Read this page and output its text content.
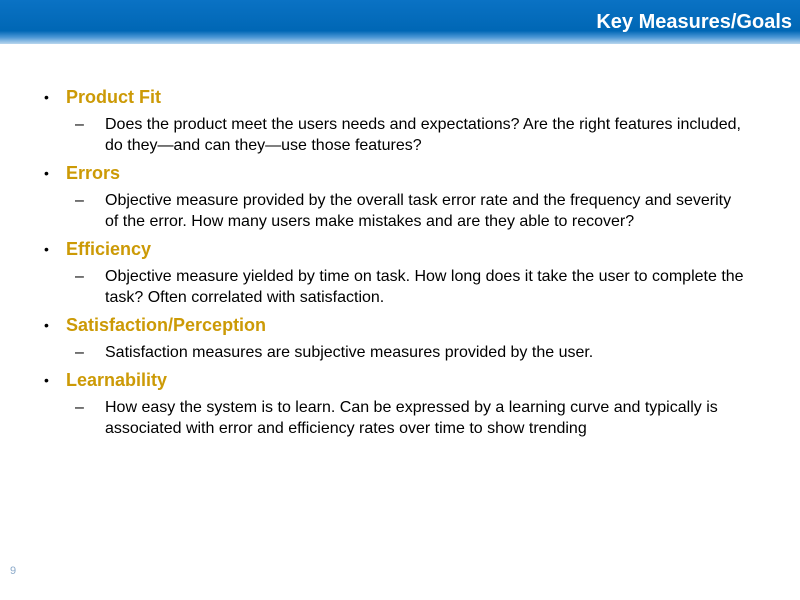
Key Measures/Goals
• Product Fit
– Does the product meet the users needs and expectations? Are the right features included, do they—and can they—use those features?
• Errors
– Objective measure provided by the overall task error rate and the frequency and severity of the error. How many users make mistakes and are they able to recover?
• Efficiency
– Objective measure yielded by time on task. How long does it take the user to complete the task? Often correlated with satisfaction.
• Satisfaction/Perception
– Satisfaction measures are subjective measures provided by the user.
• Learnability
– How easy the system is to learn. Can be expressed by a learning curve and typically is associated with error and efficiency rates over time to show trending
9
